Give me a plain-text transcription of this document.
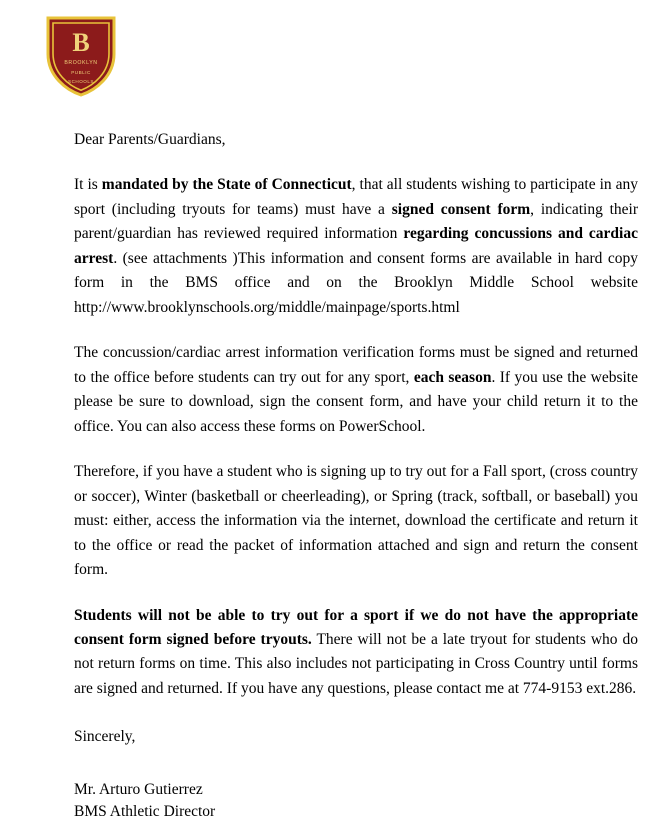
B
BROOKLYN
PUBLIC
SCHOOLS

Dear Parents/Guardians,

It is mandated by the State of Connecticut, that all students wishing to participate in any sport (including tryouts for teams) must have a signed consent form, indicating their parent/guardian has reviewed required information regarding concussions and cardiac arrest. (see attachments )This information and consent forms are available in hard copy form in the BMS office and on the Brooklyn Middle School website http://www.brooklynschools.org/middle/mainpage/sports.html

The concussion/cardiac arrest information verification forms must be signed and returned to the office before students can try out for any sport, each season. If you use the website please be sure to download, sign the consent form, and have your child return it to the office. You can also access these forms on PowerSchool.

Therefore, if you have a student who is signing up to try out for a Fall sport, (cross country or soccer), Winter (basketball or cheerleading), or Spring (track, softball, or baseball) you must: either, access the information via the internet, download the certificate and return it to the office or read the packet of information attached and sign and return the consent form.

Students will not be able to try out for a sport if we do not have the appropriate consent form signed before tryouts. There will not be a late tryout for students who do not return forms on time. This also includes not participating in Cross Country until forms are signed and returned. If you have any questions, please contact me at 774-9153 ext.286.

Sincerely,

Mr. Arturo Gutierrez
BMS Athletic Director
